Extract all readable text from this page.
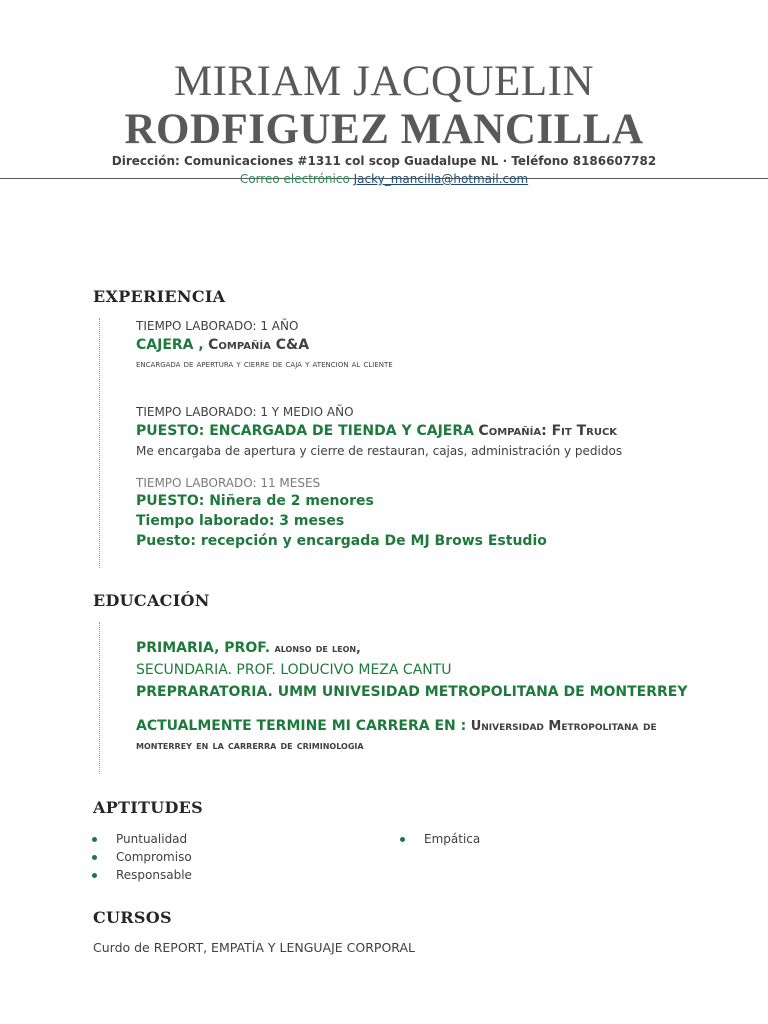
MIRIAM JACQUELIN
RODFIGUEZ MANCILLA
Dirección: Comunicaciones #1311 col scop Guadalupe NL · Teléfono 8186607782
Correo electrónico Jacky_mancilla@hotmail.com
EXPERIENCIA
TIEMPO LABORADO: 1 AÑO
CAJERA , Compañía C&A
encargada de apertura y cierre de caja y atencion al cliente
TIEMPO LABORADO: 1 Y MEDIO AÑO
PUESTO: ENCARGADA DE TIENDA Y CAJERA Compañía: Fit Truck
Me encargaba de apertura y cierre de restauran, cajas, administración y pedidos
TIEMPO LABORADO: 11 MESES
PUESTO: Niñera de 2 menores
Tiempo laborado: 3 meses
Puesto: recepción y encargada De MJ Brows Estudio
EDUCACIÓN
PRIMARIA, PROF. alonso de leon,
SECUNDARIA. PROF. LODUCIVO MEZA CANTU
PREPRARATORIA. UMM UNIVESIDAD METROPOLITANA DE MONTERREY
ACTUALMENTE TERMINE MI CARRERA EN : Universidad Metropolitana de
monterrey en la carrerra de criminologia
APTITUDES
Puntualidad
Compromiso
Responsable
Empática
CURSOS
Curdo de REPORT, EMPATÍA Y LENGUAJE CORPORAL
